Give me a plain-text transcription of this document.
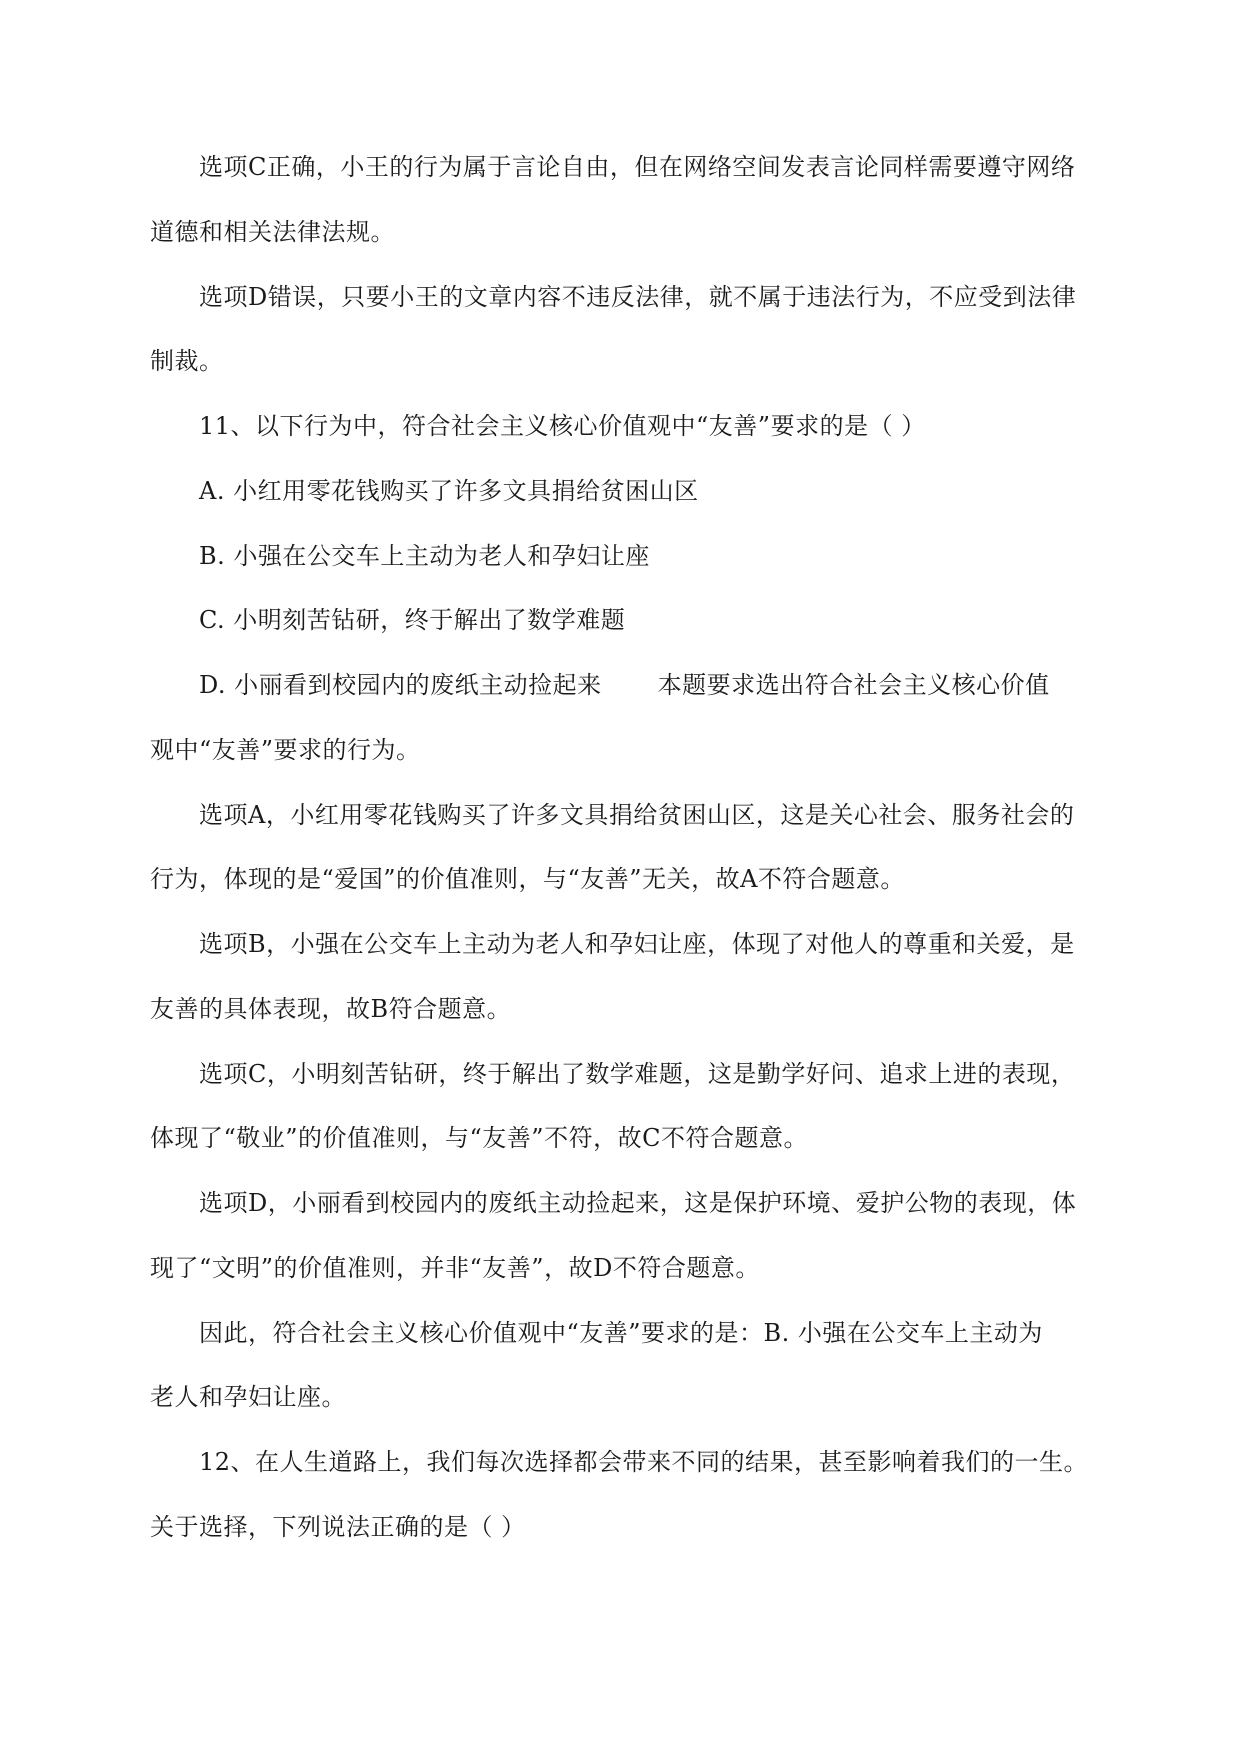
选项C正确，小王的行为属于言论自由，但在网络空间发表言论同样需要遵守网络

道德和相关法律法规。

选项D错误，只要小王的文章内容不违反法律，就不属于违法行为，不应受到法律

制裁。

11、以下行为中，符合社会主义核心价值观中“友善”要求的是（ ）

A. 小红用零花钱购买了许多文具捐给贫困山区

B. 小强在公交车上主动为老人和孕妇让座

C. 小明刻苦钻研，终于解出了数学难题

D. 小丽看到校园内的废纸主动捡起来 本题要求选出符合社会主义核心价值

观中“友善”要求的行为。

选项A，小红用零花钱购买了许多文具捐给贫困山区，这是关心社会、服务社会的

行为，体现的是“爱国”的价值准则，与“友善”无关，故A不符合题意。

选项B，小强在公交车上主动为老人和孕妇让座，体现了对他人的尊重和关爱，是

友善的具体表现，故B符合题意。

选项C，小明刻苦钻研，终于解出了数学难题，这是勤学好问、追求上进的表现，

体现了“敬业”的价值准则，与“友善”不符，故C不符合题意。

选项D，小丽看到校园内的废纸主动捡起来，这是保护环境、爱护公物的表现，体

现了“文明”的价值准则，并非“友善”，故D不符合题意。

因此，符合社会主义核心价值观中“友善”要求的是：B. 小强在公交车上主动为

老人和孕妇让座。

12、在人生道路上，我们每次选择都会带来不同的结果，甚至影响着我们的一生。

关于选择，下列说法正确的是（ ）
